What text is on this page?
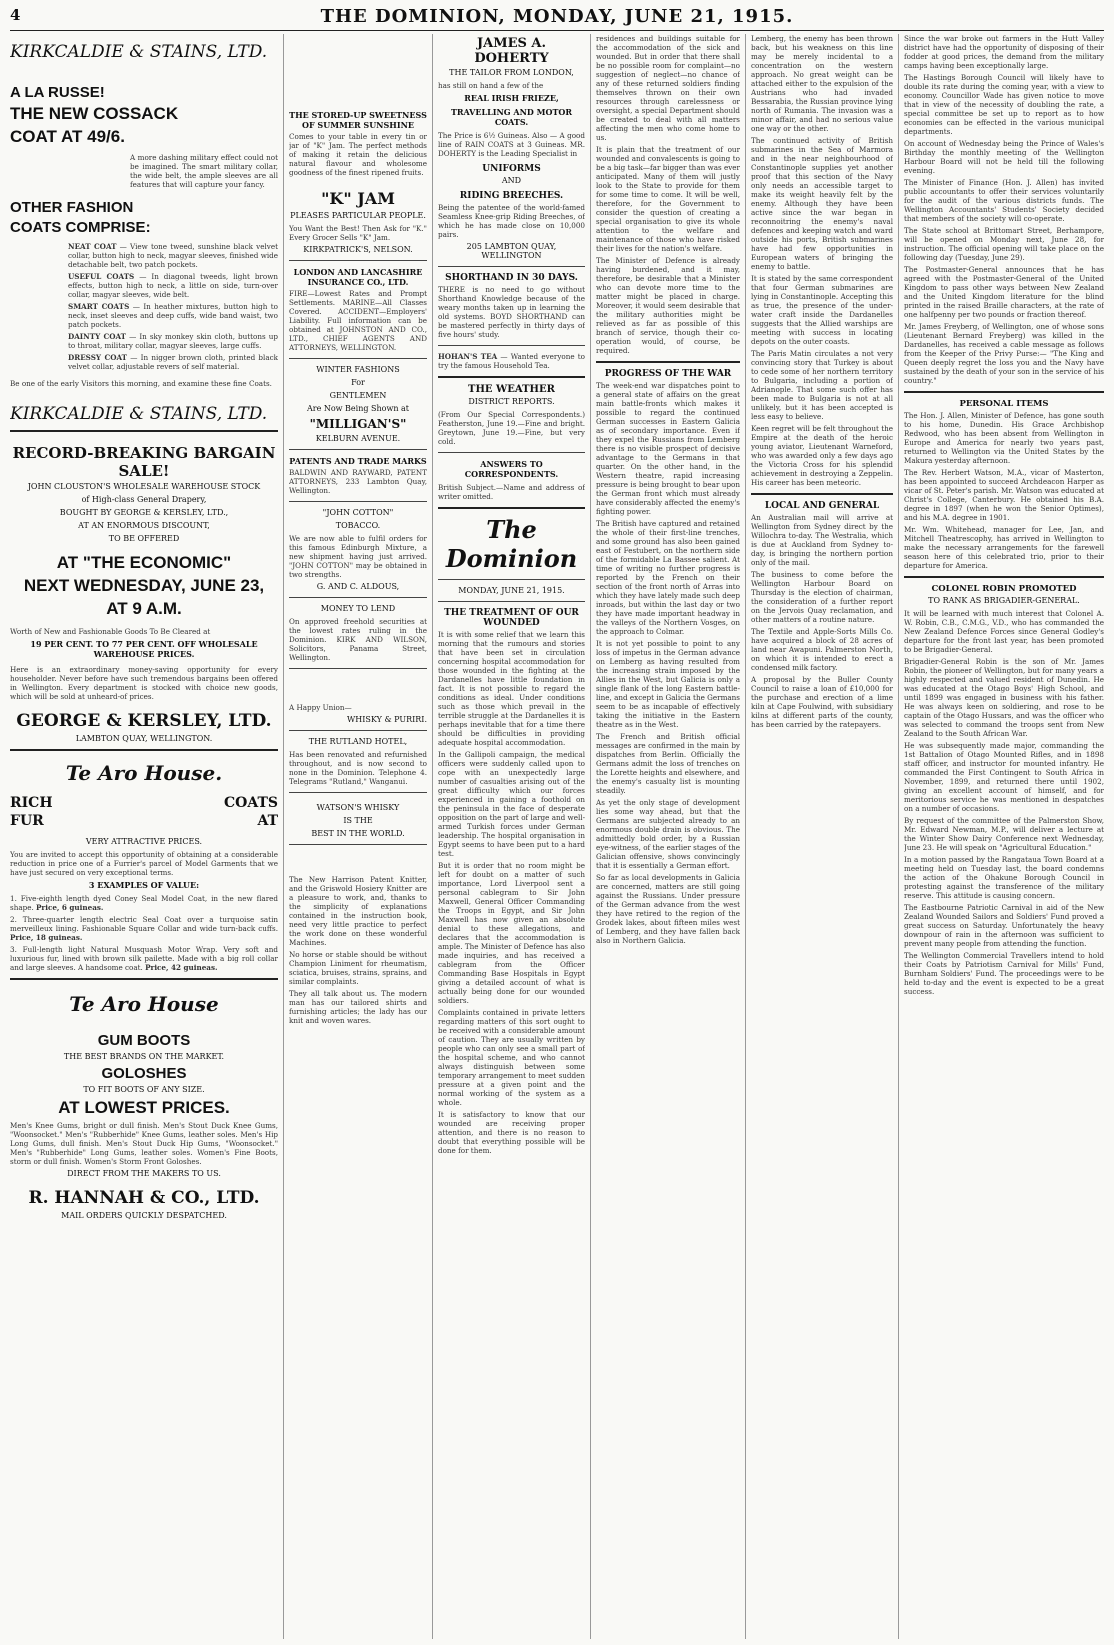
4	THE DOMINION, MONDAY, JUNE 21, 1915.
KIRKCALDIE & STAINS, LTD.
A LA RUSSE!
THE NEW COSSACK
COAT AT 49/6.
A more dashing military effect could not be imagined. The smart military collar, the wide belt, the ample sleeves are all features that will capture your fancy.
OTHER FASHION
COATS COMPRISE:
NEAT COAT — View tone tweed, sunshine black velvet collar, button high to neck, magyar sleeves, finished wide detachable belt, two patch pockets.
USEFUL COATS — In diagonal tweeds, light brown effects, button high to neck, a little on side, turn-over collar, magyar sleeves, wide belt.
SMART COATS — In heather mixtures, button high to neck, inset sleeves and deep cuffs, wide band waist, two patch pockets.
DAINTY COAT — In sky monkey skin cloth, buttons up to throat, military collar, magyar sleeves, large cuffs.
DRESSY COAT — In nigger brown cloth, printed black velvet collar, adjustable revers of self material.
Be one of the early Visitors this morning, and examine these fine Coats.
KIRKCALDIE & STAINS, LTD.
RECORD-BREAKING BARGAIN SALE!
JOHN CLOUSTON'S WHOLESALE WAREHOUSE STOCK
of High-class General Drapery,
BOUGHT BY GEORGE & KERSLEY, LTD.,
AT AN ENORMOUS DISCOUNT,
TO BE OFFERED
AT "THE ECONOMIC"
NEXT WEDNESDAY, JUNE 23,
AT 9 A.M.
Worth of New and Fashionable Goods To Be Cleared at
19 PER CENT. TO 77 PER CENT. OFF WHOLESALE WAREHOUSE PRICES.
Here is an extraordinary money-saving opportunity for every householder. Never before have such tremendous bargains been offered in Wellington. Every department is stocked with choice new goods, which will be sold at unheard-of prices.
GEORGE & KERSLEY, LTD.
LAMBTON QUAY, WELLINGTON.
Te Aro House.
RICH
FUR
COATS
AT
VERY ATTRACTIVE PRICES.
You are invited to accept this opportunity of obtaining at a considerable reduction in price one of a Furrier's parcel of Model Garments that we have just secured on very exceptional terms.
3 EXAMPLES OF VALUE:
1. Five-eighth length dyed Coney Seal Model Coat, in the new flared shape. Price, 6 guineas.
2. Three-quarter length electric Seal Coat over a turquoise satin merveilleux lining. Fashionable Square Collar and wide turn-back cuffs. Price, 18 guineas.
3. Full-length light Natural Musquash Motor Wrap. Very soft and luxurious fur, lined with brown silk pailette. Made with a big roll collar and large sleeves. A handsome coat. Price, 42 guineas.
Te Aro House
GUM BOOTS
THE BEST BRANDS ON THE MARKET.
GOLOSHES
TO FIT BOOTS OF ANY SIZE.
AT LOWEST PRICES.
Men's Knee Gums, bright or dull finish. Men's Stout Duck Knee Gums, "Woonsocket." Men's "Rubberhide" Knee Gums, leather soles. Men's Hip Long Gums, dull finish. Men's Stout Duck Hip Gums, "Woonsocket." Men's "Rubberhide" Long Gums, leather soles. Women's Fine Boots, storm or dull finish. Women's Storm Front Goloshes.
DIRECT FROM THE MAKERS TO US.
R. HANNAH & CO., LTD.
MAIL ORDERS QUICKLY DESPATCHED.
THE STORED-UP SWEETNESS OF SUMMER SUNSHINE
Comes to your table in every tin or jar of "K" Jam. The perfect methods of making it retain the delicious natural flavour and wholesome goodness of the finest ripened fruits.
"K" JAM
PLEASES PARTICULAR PEOPLE.
You Want the Best! Then Ask for "K." Every Grocer Sells "K" Jam.
KIRKPATRICK'S, NELSON.
LONDON AND LANCASHIRE INSURANCE CO., LTD.
FIRE—Lowest Rates and Prompt Settlements. MARINE—All Classes Covered. ACCIDENT—Employers' Liability. Full information can be obtained at JOHNSTON AND CO., LTD., CHIEF AGENTS AND ATTORNEYS, WELLINGTON.
WINTER FASHIONS
For
GENTLEMEN
Are Now Being Shown at
"MILLIGAN'S"
KELBURN AVENUE.
PATENTS AND TRADE MARKS
BALDWIN AND RAYWARD, PATENT ATTORNEYS, 233 Lambton Quay, Wellington.
"JOHN COTTON"
TOBACCO.
We are now able to fulfil orders for this famous Edinburgh Mixture, a new shipment having just arrived. "JOHN COTTON" may be obtained in two strengths.
G. AND C. ALDOUS,
MONEY TO LEND
On approved freehold securities at the lowest rates ruling in the Dominion. KIRK AND WILSON, Solicitors, Panama Street, Wellington.
A Happy Union—
WHISKY & PURIRI.
THE RUTLAND HOTEL,
Has been renovated and refurnished throughout, and is now second to none in the Dominion. Telephone 4. Telegrams "Rutland," Wanganui.
WATSON'S WHISKY
IS THE
BEST IN THE WORLD.
The New Harrison Patent Knitter, and the Griswold Hosiery Knitter are a pleasure to work, and, thanks to the simplicity of explanations contained in the instruction book, need very little practice to perfect the work done on these wonderful Machines.
No horse or stable should be without Champion Liniment for rheumatism, sciatica, bruises, strains, sprains, and similar complaints.
They all talk about us. The modern man has our tailored shirts and furnishing articles; the lady has our knit and woven wares.
JAMES A. DOHERTY
THE TAILOR FROM LONDON,
has still on hand a few of the
REAL IRISH FRIEZE,
TRAVELLING AND MOTOR COATS.
The Price is 6½ Guineas. Also — A good line of RAIN COATS at 3 Guineas. MR. DOHERTY is the Leading Specialist in
UNIFORMS
AND
RIDING BREECHES.
Being the patentee of the world-famed Seamless Knee-grip Riding Breeches, of which he has made close on 10,000 pairs.
205 LAMBTON QUAY, WELLINGTON
SHORTHAND IN 30 DAYS.
THERE is no need to go without Shorthand Knowledge because of the weary months taken up in learning the old systems. BOYD SHORTHAND can be mastered perfectly in thirty days of five hours' study.
HOHAN'S TEA — Wanted everyone to try the famous Household Tea.
THE WEATHER
DISTRICT REPORTS.
(From Our Special Correspondents.) Featherston, June 19.—Fine and bright. Greytown, June 19.—Fine, but very cold.
ANSWERS TO CORRESPONDENTS.
British Subject.—Name and address of writer omitted.
The Dominion
MONDAY, JUNE 21, 1915.
THE TREATMENT OF OUR WOUNDED
It is with some relief that we learn this morning that the rumours and stories that have been set in circulation concerning hospital accommodation for those wounded in the fighting at the Dardanelles have little foundation in fact. It is not possible to regard the conditions as ideal. Under conditions such as those which prevail in the terrible struggle at the Dardanelles it is perhaps inevitable that for a time there should be difficulties in providing adequate hospital accommodation.
In the Gallipoli campaign, the medical officers were suddenly called upon to cope with an unexpectedly large number of casualties arising out of the great difficulty which our forces experienced in gaining a foothold on the peninsula in the face of desperate opposition on the part of large and well-armed Turkish forces under German leadership. The hospital organisation in Egypt seems to have been put to a hard test.
But it is order that no room might be left for doubt on a matter of such importance, Lord Liverpool sent a personal cablegram to Sir John Maxwell, General Officer Commanding the Troops in Egypt, and Sir John Maxwell has now given an absolute denial to these allegations, and declares that the accommodation is ample. The Minister of Defence has also made inquiries, and has received a cablegram from the Officer Commanding Base Hospitals in Egypt giving a detailed account of what is actually being done for our wounded soldiers.
Complaints contained in private letters regarding matters of this sort ought to be received with a considerable amount of caution. They are usually written by people who can only see a small part of the hospital scheme, and who cannot always distinguish between some temporary arrangement to meet sudden pressure at a given point and the normal working of the system as a whole.
It is satisfactory to know that our wounded are receiving proper attention, and there is no reason to doubt that everything possible will be done for them.
residences and buildings suitable for the accommodation of the sick and wounded. But in order that there shall be no possible room for complaint—no suggestion of neglect—no chance of any of these returned soldiers finding themselves thrown on their own resources through carelessness or oversight, a special Department should be created to deal with all matters affecting the men who come home to us.
It is plain that the treatment of our wounded and convalescents is going to be a big task—far bigger than was ever anticipated. Many of them will justly look to the State to provide for them for some time to come. It will be well, therefore, for the Government to consider the question of creating a special organisation to give its whole attention to the welfare and maintenance of those who have risked their lives for the nation's welfare.
The Minister of Defence is already having burdened, and it may, therefore, be desirable that a Minister who can devote more time to the matter might be placed in charge. Moreover, it would seem desirable that the military authorities might be relieved as far as possible of this branch of service, though their co-operation would, of course, be required.
PROGRESS OF THE WAR
The week-end war dispatches point to a general state of affairs on the great main battle-fronts which makes it possible to regard the continued German successes in Eastern Galicia as of secondary importance. Even if they expel the Russians from Lemberg there is no visible prospect of decisive advantage to the Germans in that quarter. On the other hand, in the Western theatre, rapid increasing pressure is being brought to bear upon the German front which must already have considerably affected the enemy's fighting power.
The British have captured and retained the whole of their first-line trenches, and some ground has also been gained east of Festubert, on the northern side of the formidable La Bassee salient. At time of writing no further progress is reported by the French on their section of the front north of Arras into which they have lately made such deep inroads, but within the last day or two they have made important headway in the valleys of the Northern Vosges, on the approach to Colmar.
It is not yet possible to point to any loss of impetus in the German advance on Lemberg as having resulted from the increasing strain imposed by the Allies in the West, but Galicia is only a single flank of the long Eastern battle-line, and except in Galicia the Germans seem to be as incapable of effectively taking the initiative in the Eastern theatre as in the West.
The French and British official messages are confirmed in the main by dispatches from Berlin. Officially the Germans admit the loss of trenches on the Lorette heights and elsewhere, and the enemy's casualty list is mounting steadily.
As yet the only stage of development lies some way ahead, but that the Germans are subjected already to an enormous double drain is obvious. The admittedly bold order, by a Russian eye-witness, of the earlier stages of the Galician offensive, shows convincingly that it is essentially a German effort.
So far as local developments in Galicia are concerned, matters are still going against the Russians. Under pressure of the German advance from the west they have retired to the region of the Grodek lakes, about fifteen miles west of Lemberg, and they have fallen back also in Northern Galicia.
Lemberg, the enemy has been thrown back, but his weakness on this line may be merely incidental to a concentration on the western approach. No great weight can be attached either to the expulsion of the Austrians who had invaded Bessarabia, the Russian province lying north of Rumania. The invasion was a minor affair, and had no serious value one way or the other.
The continued activity of British submarines in the Sea of Marmora and in the near neighbourhood of Constantinople supplies yet another proof that this section of the Navy only needs an accessible target to make its weight heavily felt by the enemy. Although they have been active since the war began in reconnoitring the enemy's naval defences and keeping watch and ward outside his ports, British submarines have had few opportunities in European waters of bringing the enemy to battle.
It is stated by the same correspondent that four German submarines are lying in Constantinople. Accepting this as true, the presence of the under-water craft inside the Dardanelles suggests that the Allied warships are meeting with success in locating depots on the outer coasts.
The Paris Matin circulates a not very convincing story that Turkey is about to cede some of her northern territory to Bulgaria, including a portion of Adrianople. That some such offer has been made to Bulgaria is not at all unlikely, but it has been accepted is less easy to believe.
Keen regret will be felt throughout the Empire at the death of the heroic young aviator, Lieutenant Warneford, who was awarded only a few days ago the Victoria Cross for his splendid achievement in destroying a Zeppelin. His career has been meteoric.
LOCAL AND GENERAL
An Australian mail will arrive at Wellington from Sydney direct by the Willochra to-day. The Westralia, which is due at Auckland from Sydney to-day, is bringing the northern portion only of the mail.
The business to come before the Wellington Harbour Board on Thursday is the election of chairman, the consideration of a further report on the Jervois Quay reclamation, and other matters of a routine nature.
The Textile and Apple-Sorts Mills Co. have acquired a block of 28 acres of land near Awapuni. Palmerston North, on which it is intended to erect a condensed milk factory.
A proposal by the Buller County Council to raise a loan of £10,000 for the purchase and erection of a lime kiln at Cape Foulwind, with subsidiary kilns at different parts of the county, has been carried by the ratepayers.
Since the war broke out farmers in the Hutt Valley district have had the opportunity of disposing of their fodder at good prices, the demand from the military camps having been exceptionally large.
The Hastings Borough Council will likely have to double its rate during the coming year, with a view to economy. Councillor Wade has given notice to move that in view of the necessity of doubling the rate, a special committee be set up to report as to how economies can be effected in the various municipal departments.
On account of Wednesday being the Prince of Wales's Birthday the monthly meeting of the Wellington Harbour Board will not be held till the following evening.
The Minister of Finance (Hon. J. Allen) has invited public accountants to offer their services voluntarily for the audit of the various districts funds. The Wellington Accountants' Students' Society decided that members of the society will co-operate.
The State school at Brittomart Street, Berhampore, will be opened on Monday next, June 28, for instruction. The official opening will take place on the following day (Tuesday, June 29).
The Postmaster-General announces that he has agreed with the Postmaster-General of the United Kingdom to pass other ways between New Zealand and the United Kingdom literature for the blind printed in the raised Braille characters, at the rate of one halfpenny per two pounds or fraction thereof.
Mr. James Freyberg, of Wellington, one of whose sons (Lieutenant Bernard Freyberg) was killed in the Dardanelles, has received a cable message as follows from the Keeper of the Privy Purse:— "The King and Queen deeply regret the loss you and the Navy have sustained by the death of your son in the service of his country."
PERSONAL ITEMS
The Hon. J. Allen, Minister of Defence, has gone south to his home, Dunedin. His Grace Archbishop Redwood, who has been absent from Wellington in Europe and America for nearly two years past, returned to Wellington via the United States by the Makura yesterday afternoon.
The Rev. Herbert Watson, M.A., vicar of Masterton, has been appointed to succeed Archdeacon Harper as vicar of St. Peter's parish. Mr. Watson was educated at Christ's College, Canterbury. He obtained his B.A. degree in 1897 (when he won the Senior Optimes), and his M.A. degree in 1901.
Mr. Wm. Whitehead, manager for Lee, Jan, and Mitchell Theatrescophy, has arrived in Wellington to make the necessary arrangements for the farewell season here of this celebrated trio, prior to their departure for America.
COLONEL ROBIN PROMOTED
TO RANK AS BRIGADIER-GENERAL.
It will be learned with much interest that Colonel A. W. Robin, C.B., C.M.G., V.D., who has commanded the New Zealand Defence Forces since General Godley's departure for the front last year, has been promoted to be Brigadier-General.
Brigadier-General Robin is the son of Mr. James Robin, the pioneer of Wellington, but for many years a highly respected and valued resident of Dunedin. He was educated at the Otago Boys' High School, and until 1899 was engaged in business with his father. He was always keen on soldiering, and rose to be captain of the Otago Hussars, and was the officer who was selected to command the troops sent from New Zealand to the South African War.
He was subsequently made major, commanding the 1st Battalion of Otago Mounted Rifles, and in 1898 staff officer, and instructor for mounted infantry. He commanded the First Contingent to South Africa in November, 1899, and returned there until 1902, giving an excellent account of himself, and for meritorious service he was mentioned in despatches on a number of occasions.
By request of the committee of the Palmerston Show, Mr. Edward Newman, M.P., will deliver a lecture at the Winter Show Dairy Conference next Wednesday, June 23. He will speak on "Agricultural Education."
In a motion passed by the Rangataua Town Board at a meeting held on Tuesday last, the board condemns the action of the Ohakune Borough Council in protesting against the transference of the military reserve. This attitude is causing concern.
The Eastbourne Patriotic Carnival in aid of the New Zealand Wounded Sailors and Soldiers' Fund proved a great success on Saturday. Unfortunately the heavy downpour of rain in the afternoon was sufficient to prevent many people from attending the function.
The Wellington Commercial Travellers intend to hold their Coats by Patriotism Carnival for Mills' Fund, Burnham Soldiers' Fund. The proceedings were to be held to-day and the event is expected to be a great success.
